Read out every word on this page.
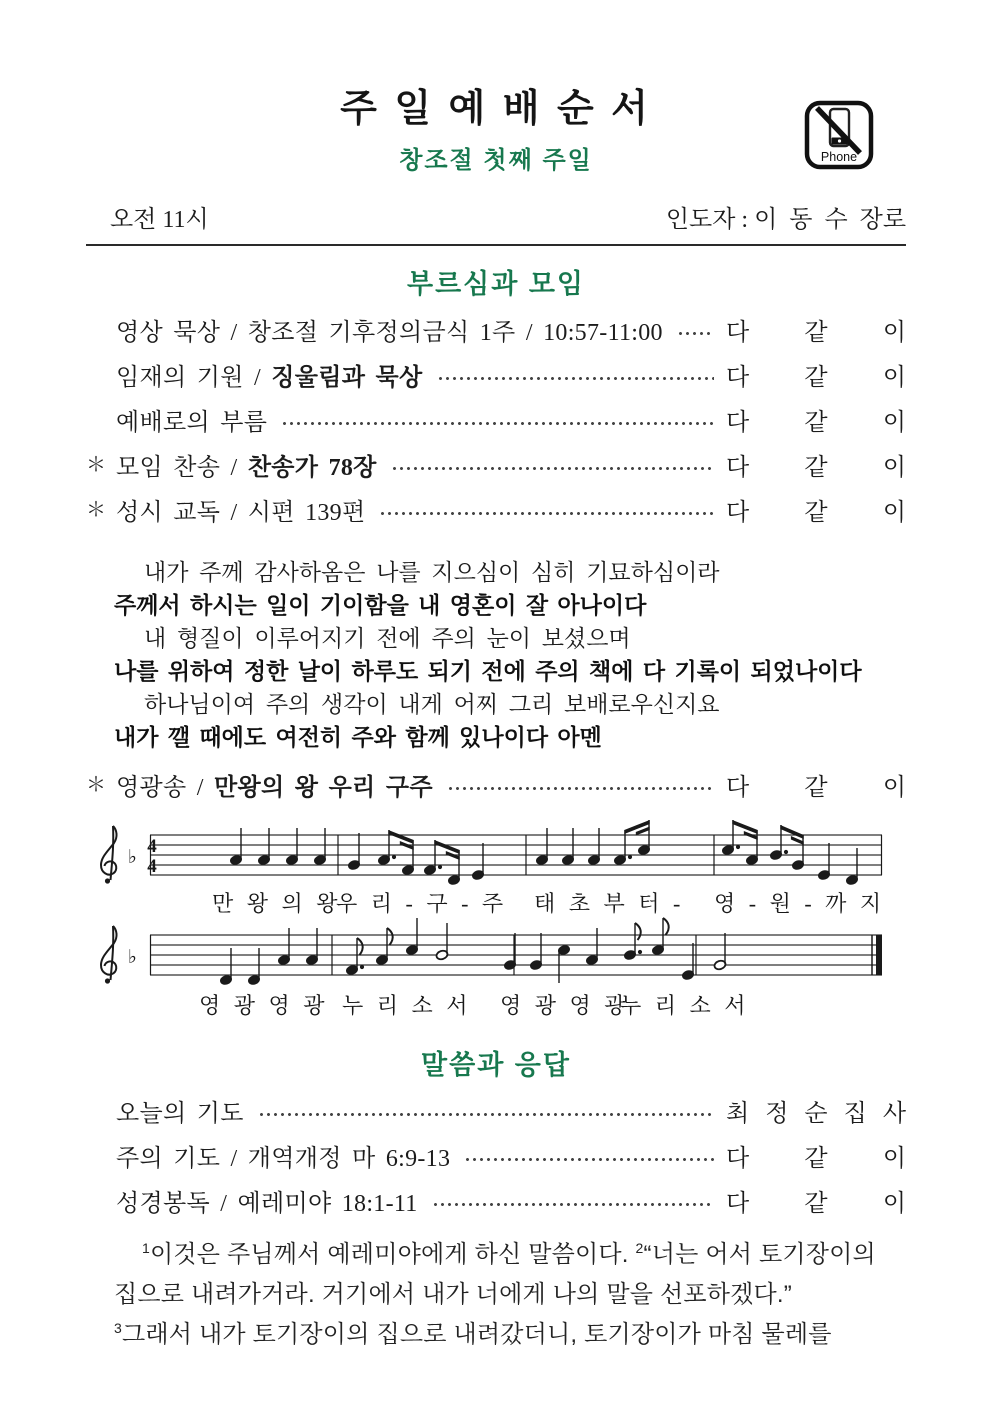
주 일 예 배 순 서
창조절 첫째 주일	Phone
오전 11시	인도자 : 이  동  수  장로
부르심과 모임
영상 묵상 / 창조절 기후정의금식 1주 / 10:57-11:00	다 같 이
임재의 기원 / 징울림과 묵상	다 같 이
예배로의 부름	다 같 이
＊ 모임 찬송 / 찬송가 78장	다 같 이
＊ 성시 교독 / 시편 139편	다 같 이
내가 주께 감사하옴은 나를 지으심이 심히 기묘하심이라
주께서 하시는 일이 기이함을 내 영혼이 잘 아나이다
내 형질이 이루어지기 전에 주의 눈이 보셨으며
나를 위하여 정한 날이 하루도 되기 전에 주의 책에 다 기록이 되었나이다
하나님이여 주의 생각이 내게 어찌 그리 보배로우신지요
내가 깰 때에도 여전히 주와 함께 있나이다 아멘
＊ 영광송 / 만왕의 왕 우리 구주	다 같 이
♭ 4
4
♭
만 왕 의 왕
우 리 - 구 - 주 태 초 부 터 - 영 - 원 - 까 지
영 광 영 광 누 리 소 서 영 광 영 광
누 리 소 서
말씀과 응답
오늘의 기도	최 정 순 집 사
주의 기도 / 개역개정 마 6:9-13	다 같 이
성경봉독 / 예레미야 18:1-11	다 같 이
$^1$이것은 주님께서 예레미야에게 하신 말씀이다. $^2$“너는 어서 토기장이의
집으로 내려가거라. 거기에서 내가 너에게 나의 말을 선포하겠다.”
$^3$그래서 내가 토기장이의 집으로 내려갔더니, 토기장이가 마침 물레를
